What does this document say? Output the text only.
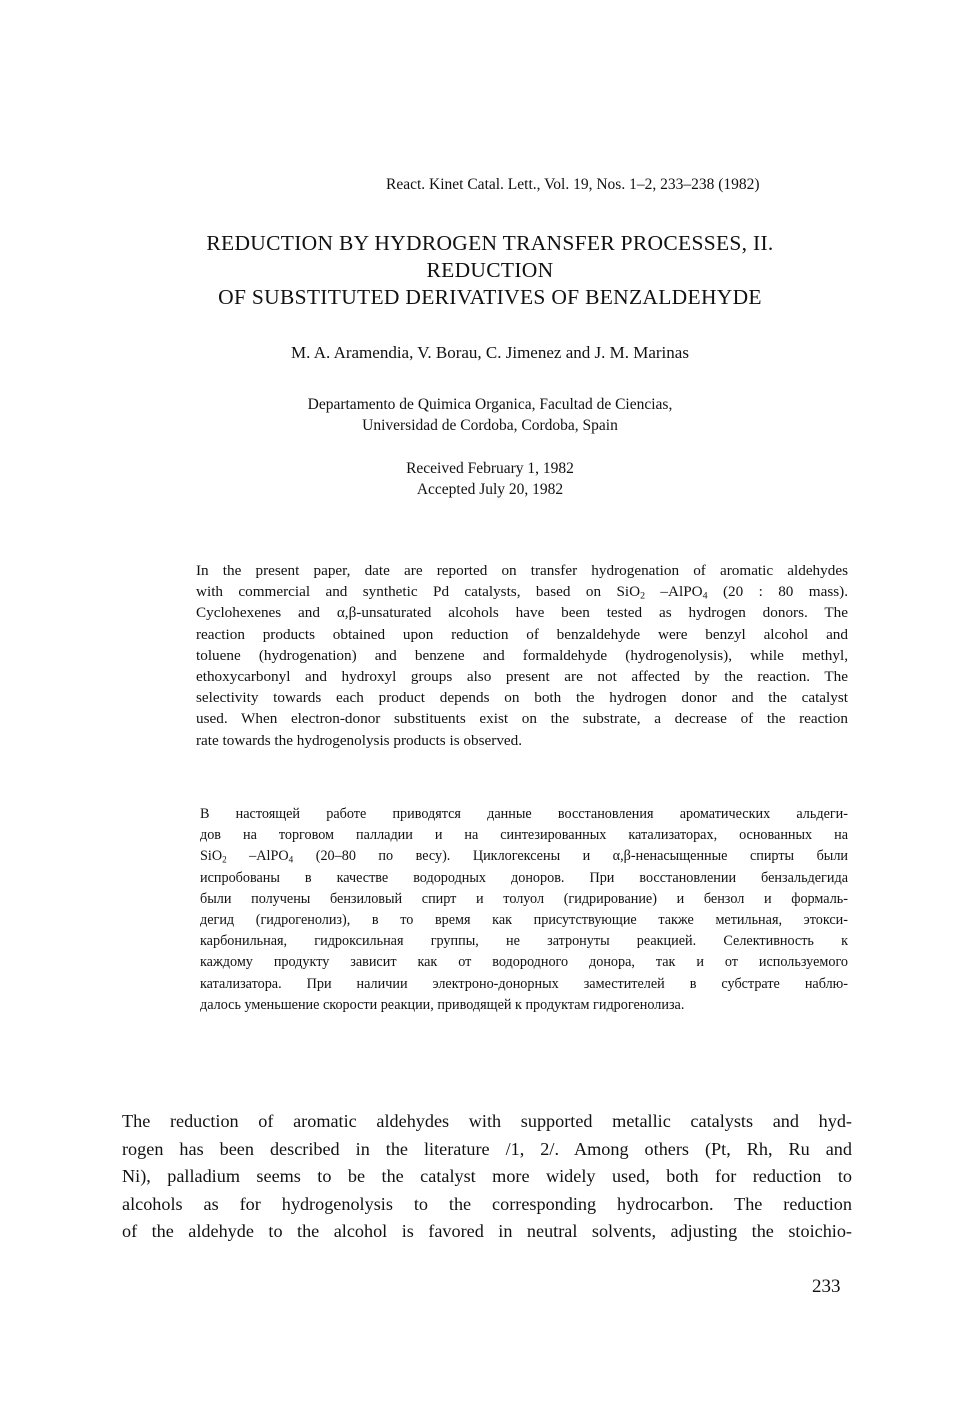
React. Kinet Catal. Lett., Vol. 19, Nos. 1–2, 233–238 (1982)
REDUCTION BY HYDROGEN TRANSFER PROCESSES, II.
REDUCTION
OF SUBSTITUTED DERIVATIVES OF BENZALDEHYDE
M. A. Aramendia, V. Borau, C. Jimenez and J. M. Marinas
Departamento de Quimica Organica, Facultad de Ciencias,
Universidad de Cordoba, Cordoba, Spain
Received February 1, 1982
Accepted July 20, 1982
In the present paper, date are reported on transfer hydrogenation of aromatic aldehydes
with commercial and synthetic Pd catalysts, based on SiO$_2$ –AlPO$_4$ (20 : 80 mass).
Cyclohexenes and α,β-unsaturated alcohols have been tested as hydrogen donors. The
reaction products obtained upon reduction of benzaldehyde were benzyl alcohol and
toluene (hydrogenation) and benzene and formaldehyde (hydrogenolysis), while methyl,
ethoxycarbonyl and hydroxyl groups also present are not affected by the reaction. The
selectivity towards each product depends on both the hydrogen donor and the catalyst
used. When electron-donor substituents exist on the substrate, a decrease of the reaction
rate towards the hydrogenolysis products is observed.
В настоящей работе приводятся данные восстановления ароматических альдеги-
дов на торговом палладии и на синтезированных катализаторах, основанных на
SiO$_2$ –AlPO$_4$ (20–80 по весу). Циклогексены и α,β-ненасыщенные спирты были
испробованы в качестве водородных доноров. При восстановлении бензальдегида
были получены бензиловый спирт и толуол (гидрирование) и бензол и формаль-
дегид (гидрогенолиз), в то время как присутствующие также метильная, этокси-
карбонильная, гидроксильная группы, не затронуты реакцией. Селективность к
каждому продукту зависит как от водородного донора, так и от используемого
катализатора. При наличии электроно-донорных заместителей в субстрате наблю-
далось уменьшение скорости реакции, приводящей к продуктам гидрогенолиза.
The reduction of aromatic aldehydes with supported metallic catalysts and hyd-
rogen has been described in the literature /1, 2/. Among others (Pt, Rh, Ru and
Ni), palladium seems to be the catalyst more widely used, both for reduction to
alcohols as for hydrogenolysis to the corresponding hydrocarbon. The reduction
of the aldehyde to the alcohol is favored in neutral solvents, adjusting the stoichio-
233
